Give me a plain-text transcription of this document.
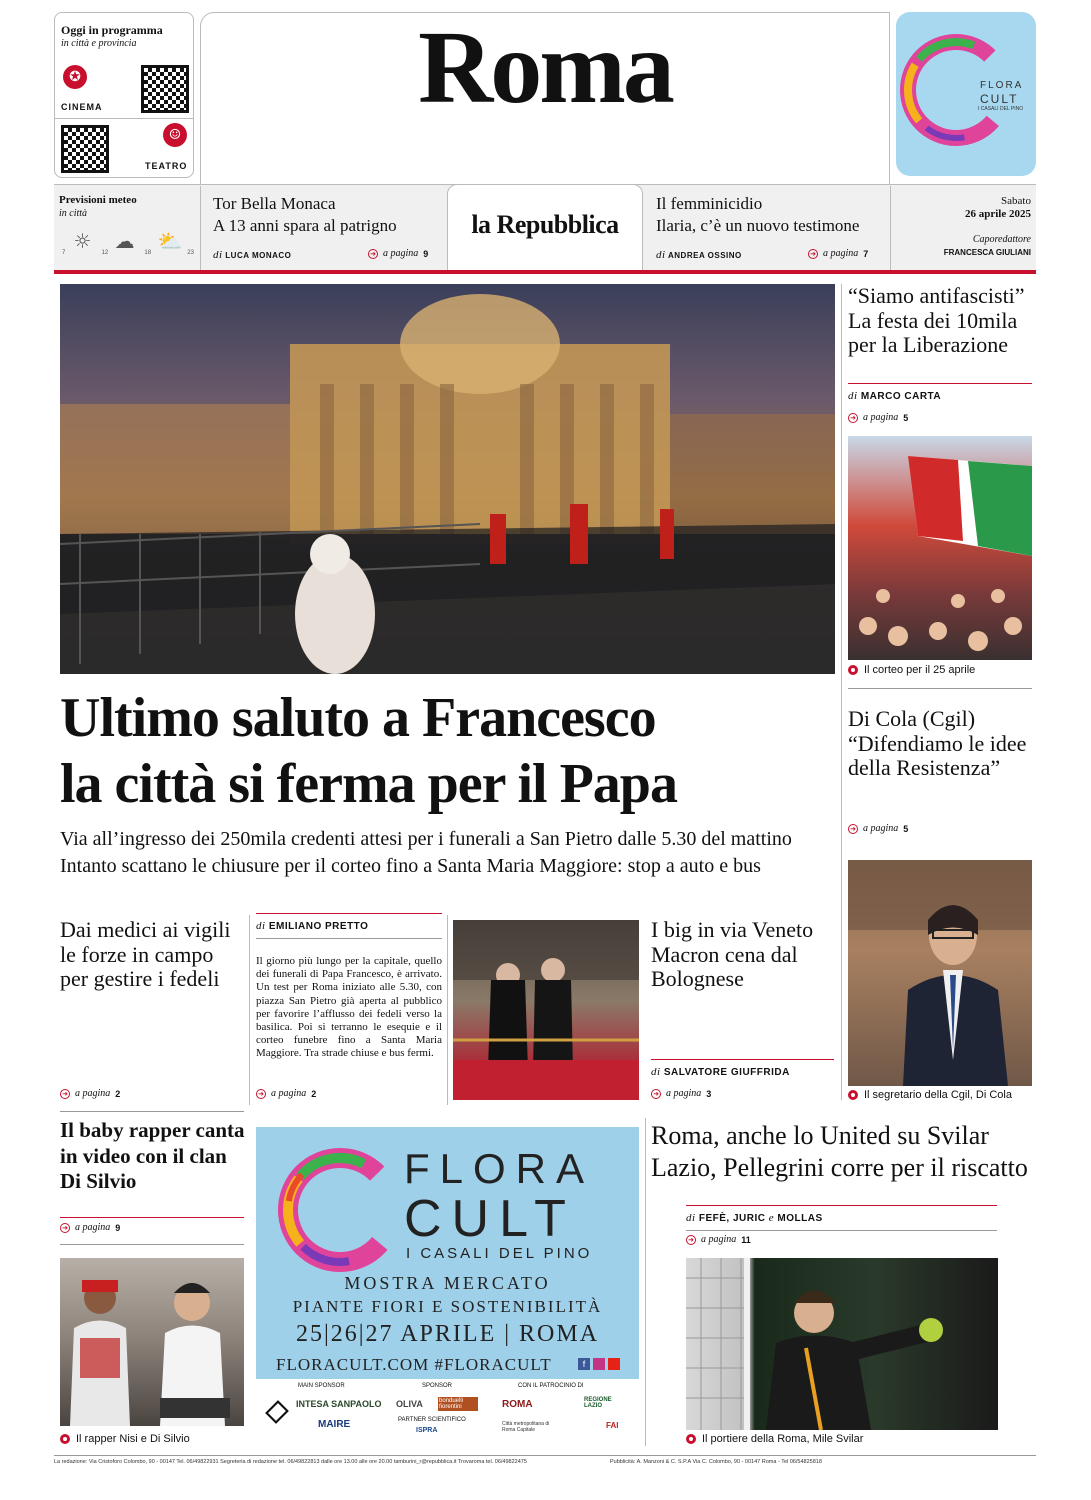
Oggi in programma
in città e provincia
✪
CINEMA
☺
TEATRO
Roma	FLORA
CULT
I CASALI DEL PINO
Previsioni meteo
in città
☼ ☁ ⛅
7	12	18	23
Tor Bella Monaca
A 13 anni spara al patrigno
di LUCA MONACO	➜ a pagina 9
la Repubblica
Il femminicidio
Ilaria, c’è un nuovo testimone
di ANDREA OSSINO	➜ a pagina 7
Sabato
26 aprile 2025
Caporedattore
FRANCESCA GIULIANI
Ultimo saluto a Francesco
la città si ferma per il Papa
Via all’ingresso dei 250mila credenti attesi per i funerali a San Pietro dalle 5.30 del mattino
Intanto scattano le chiusure per il corteo fino a Santa Maria Maggiore: stop a auto e bus
“Siamo antifascisti” La festa dei 10mila per la Liberazione
di MARCO CARTA
➜ a pagina 5
Il corteo per il 25 aprile
Di Cola (Cgil) “Difendiamo le idee della Resistenza”
➜ a pagina 5
Il segretario della Cgil, Di Cola
Dai medici ai vigili le forze in campo per gestire i fedeli
➜ a pagina 2
di EMILIANO PRETTO
Il giorno più lungo per la capitale, quello dei funerali di Papa Francesco, è arrivato. Un test per Roma iniziato alle 5.30, con piazza San Pietro già aperta al pubblico per favorire l’afflusso dei fedeli verso la basilica. Poi si terranno le esequie e il corteo funebre fino a Santa Maria Maggiore. Tra strade chiuse e bus fermi.
➜ a pagina 2
I big in via Veneto Macron cena dal Bolognese
di SALVATORE GIUFFRIDA
➜ a pagina 3
Il baby rapper canta in video con il clan Di Silvio
➜ a pagina 9
Il rapper Nisi e Di Silvio
FLORA
CULT
I CASALI DEL PINO
MOSTRA MERCATO
PIANTE FIORI E SOSTENIBILITÀ
25|26|27 APRILE | ROMA
FLORACULT.COM #FLORACULT	f
MAIN SPONSOR	SPONSOR	CON IL PATROCINIO DI
INTESA SANPAOLO
MAIRE
OLIVA	bonduelli fiorentini
PARTNER SCIENTIFICO
ISPRA
ROMA	REGIONE LAZIO
Città metropolitana di Roma Capitale	FAI
Roma, anche lo United su Svilar Lazio, Pellegrini corre per il riscatto
di FEFÈ, JURIC e MOLLAS
➜ a pagina 11
Il portiere della Roma, Mile Svilar
La redazione: Via Cristoforo Colombo, 90 - 00147 Tel. 06/49822931 Segreteria di redazione tel. 06/49822813 dalle ore 13.00 alle ore 20.00 tamburini_r@repubblica.it Trovaroma tel. 06/49822475	Pubblicità: A. Manzoni & C. S.P.A Via C. Colombo, 90 - 00147 Roma - Tel 06/54825818
